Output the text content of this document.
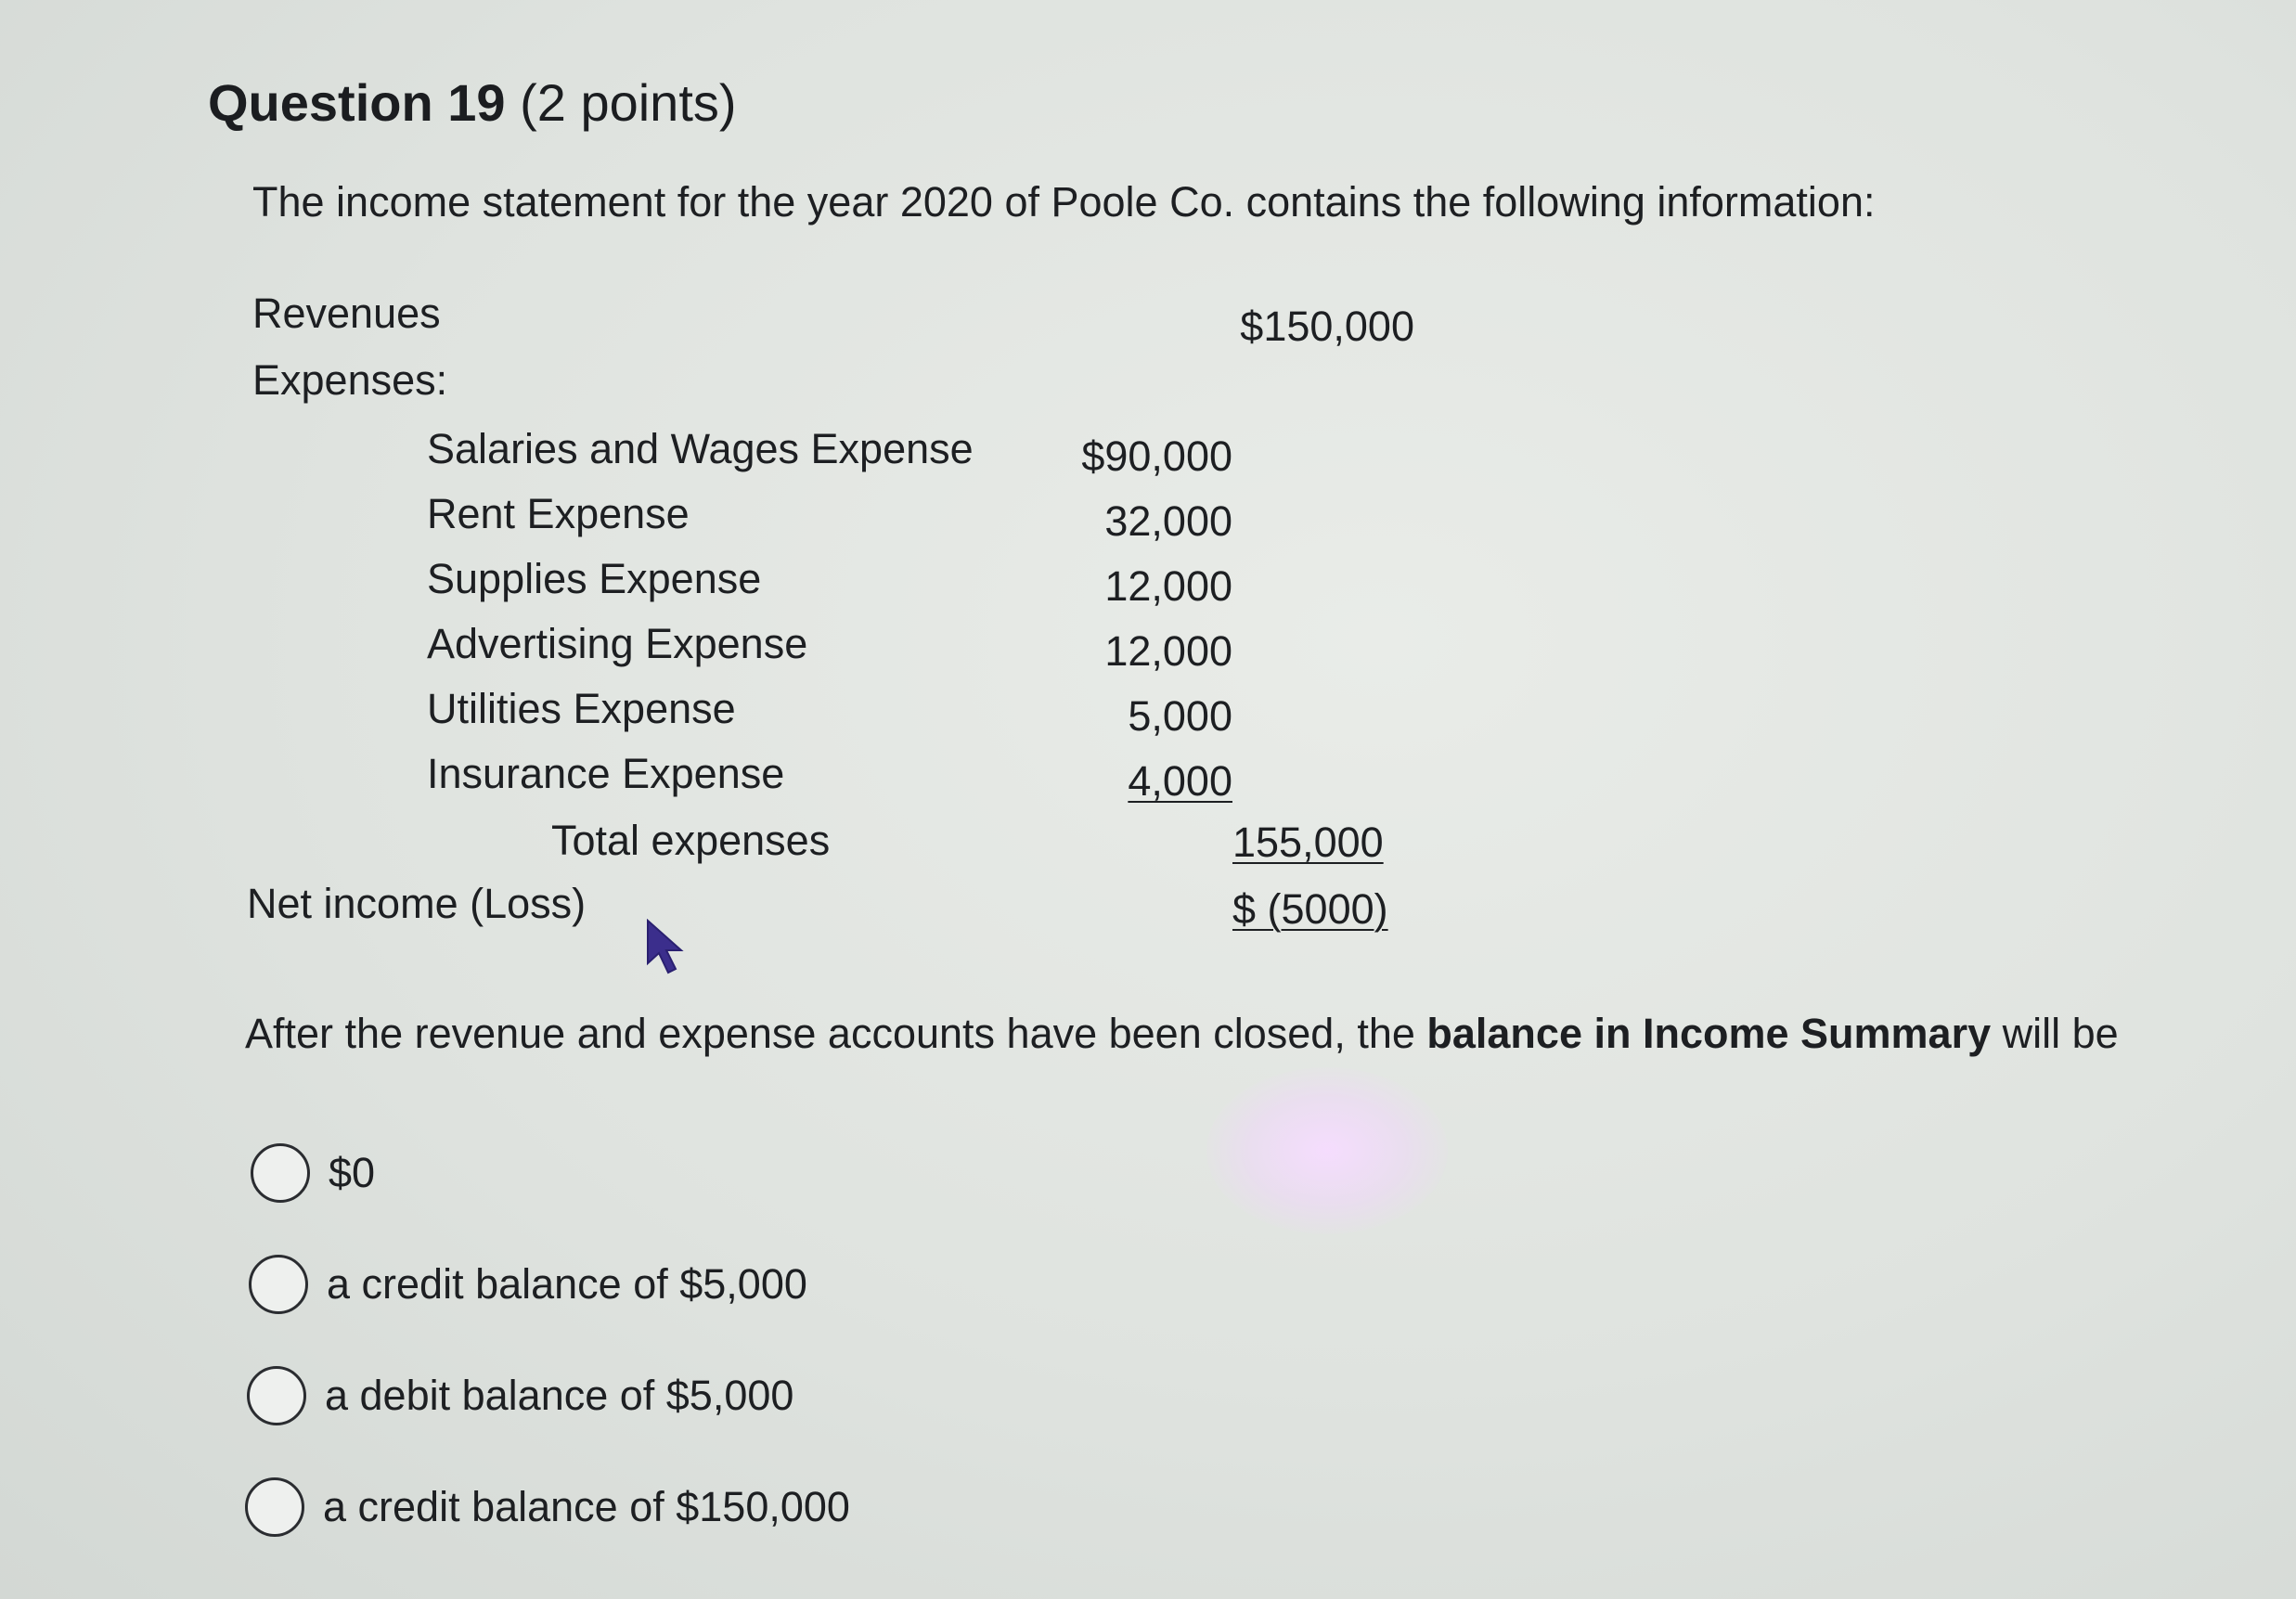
Question 19 (2 points)
The income statement for the year 2020 of Poole Co. contains the following information:
Revenues	$150,000
Expenses:
Salaries and Wages Expense	$90,000
Rent Expense	32,000
Supplies Expense	12,000
Advertising Expense	12,000
Utilities Expense	5,000
Insurance Expense	4,000
Total expenses	155,000
Net income (Loss)	$ (5000)
After the revenue and expense accounts have been closed, the balance in Income Summary will be
$0
a credit balance of $5,000
a debit balance of $5,000
a credit balance of $150,000
